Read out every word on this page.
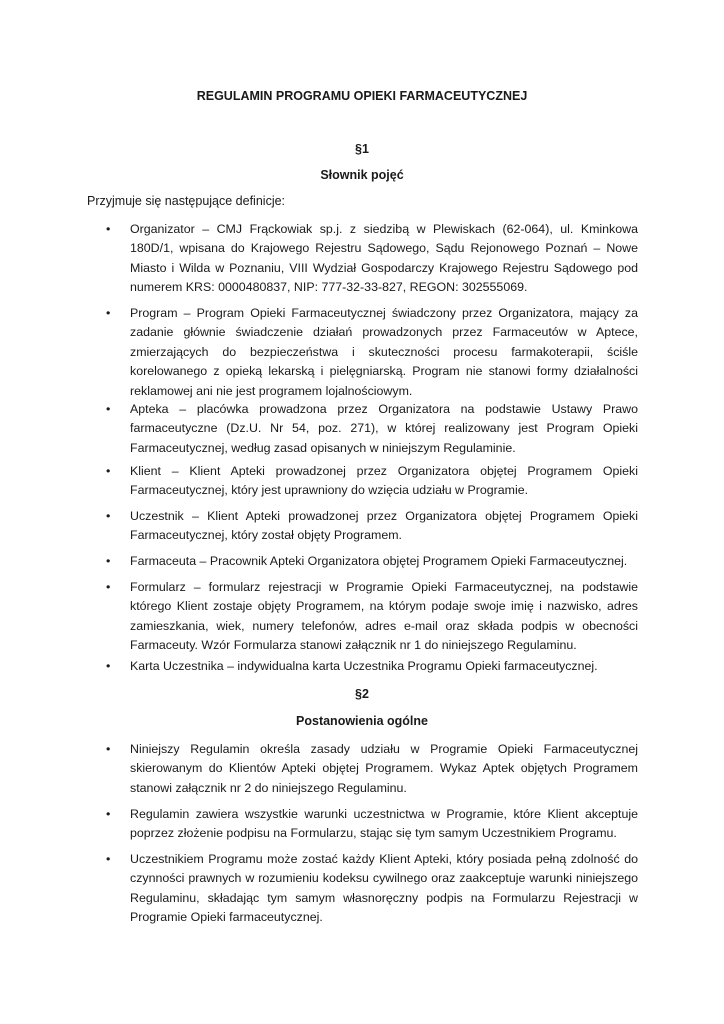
REGULAMIN PROGRAMU OPIEKI FARMACEUTYCZNEJ
§1
Słownik pojęć
Przyjmuje się następujące definicje:
• Organizator – CMJ Frąckowiak sp.j. z siedzibą w Plewiskach (62-064), ul. Kminkowa 180D/1, wpisana do Krajowego Rejestru Sądowego, Sądu Rejonowego Poznań – Nowe Miasto i Wilda w Poznaniu, VIII Wydział Gospodarczy Krajowego Rejestru Sądowego pod numerem KRS: 0000480837, NIP: 777-32-33-827, REGON: 302555069.
• Program – Program Opieki Farmaceutycznej świadczony przez Organizatora, mający za zadanie głównie świadczenie działań prowadzonych przez Farmaceutów w Aptece, zmierzających do bezpieczeństwa i skuteczności procesu farmakoterapii, ściśle korelowanego z opieką lekarską i pielęgniarską. Program nie stanowi formy działalności reklamowej ani nie jest programem lojalnościowym.
• Apteka – placówka prowadzona przez Organizatora na podstawie Ustawy Prawo farmaceutyczne (Dz.U. Nr 54, poz. 271), w której realizowany jest Program Opieki Farmaceutycznej, według zasad opisanych w niniejszym Regulaminie.
• Klient – Klient Apteki prowadzonej przez Organizatora objętej Programem Opieki Farmaceutycznej, który jest uprawniony do wzięcia udziału w Programie.
• Uczestnik – Klient Apteki prowadzonej przez Organizatora objętej Programem Opieki Farmaceutycznej, który został objęty Programem.
• Farmaceuta – Pracownik Apteki Organizatora objętej Programem Opieki Farmaceutycznej.
• Formularz – formularz rejestracji w Programie Opieki Farmaceutycznej, na podstawie którego Klient zostaje objęty Programem, na którym podaje swoje imię i nazwisko, adres zamieszkania, wiek, numery telefonów, adres e-mail oraz składa podpis w obecności Farmaceuty. Wzór Formularza stanowi załącznik nr 1 do niniejszego Regulaminu.
• Karta Uczestnika – indywidualna karta Uczestnika Programu Opieki farmaceutycznej.
§2
Postanowienia ogólne
• Niniejszy Regulamin określa zasady udziału w Programie Opieki Farmaceutycznej skierowanym do Klientów Apteki objętej Programem. Wykaz Aptek objętych Programem stanowi załącznik nr 2 do niniejszego Regulaminu.
• Regulamin zawiera wszystkie warunki uczestnictwa w Programie, które Klient akceptuje poprzez złożenie podpisu na Formularzu, stając się tym samym Uczestnikiem Programu.
• Uczestnikiem Programu może zostać każdy Klient Apteki, który posiada pełną zdolność do czynności prawnych w rozumieniu kodeksu cywilnego oraz zaakceptuje warunki niniejszego Regulaminu, składając tym samym własnoręczny podpis na Formularzu Rejestracji w Programie Opieki farmaceutycznej.
